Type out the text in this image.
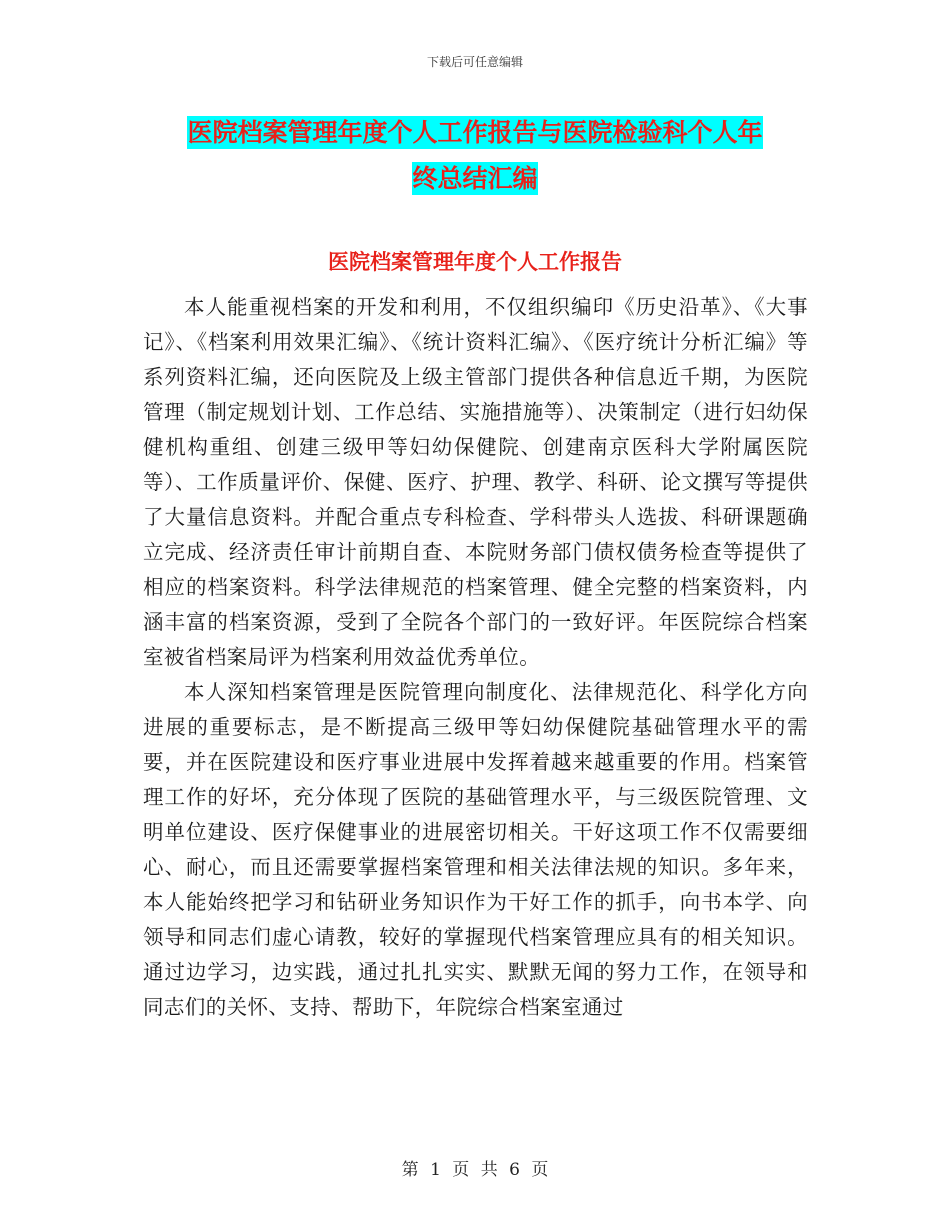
下载后可任意编辑
医院档案管理年度个人工作报告与医院检验科个人年
终总结汇编
医院档案管理年度个人工作报告

本人能重视档案的开发和利用，不仅组织编印《历史沿革》、《大事记》、《档案利用效果汇编》、《统计资料汇编》、《医疗统计分析汇编》等系列资料汇编，还向医院及上级主管部门提供各种信息近千期，为医院管理（制定规划计划、工作总结、实施措施等）、决策制定（进行妇幼保健机构重组、创建三级甲等妇幼保健院、创建南京医科大学附属医院等）、工作质量评价、保健、医疗、护理、教学、科研、论文撰写等提供了大量信息资料。并配合重点专科检查、学科带头人选拔、科研课题确立完成、经济责任审计前期自查、本院财务部门债权债务检查等提供了相应的档案资料。科学法律规范的档案管理、健全完整的档案资料，内涵丰富的档案资源，受到了全院各个部门的一致好评。年医院综合档案室被省档案局评为档案利用效益优秀单位。

本人深知档案管理是医院管理向制度化、法律规范化、科学化方向进展的重要标志，是不断提高三级甲等妇幼保健院基础管理水平的需要，并在医院建设和医疗事业进展中发挥着越来越重要的作用。档案管理工作的好坏，充分体现了医院的基础管理水平，与三级医院管理、文明单位建设、医疗保健事业的进展密切相关。干好这项工作不仅需要细心、耐心，而且还需要掌握档案管理和相关法律法规的知识。多年来，本人能始终把学习和钻研业务知识作为干好工作的抓手，向书本学、向领导和同志们虚心请教，较好的掌握现代档案管理应具有的相关知识。通过边学习，边实践，通过扎扎实实、默默无闻的努力工作，在领导和同志们的关怀、支持、帮助下，年院综合档案室通过

第 1 页 共 6 页
